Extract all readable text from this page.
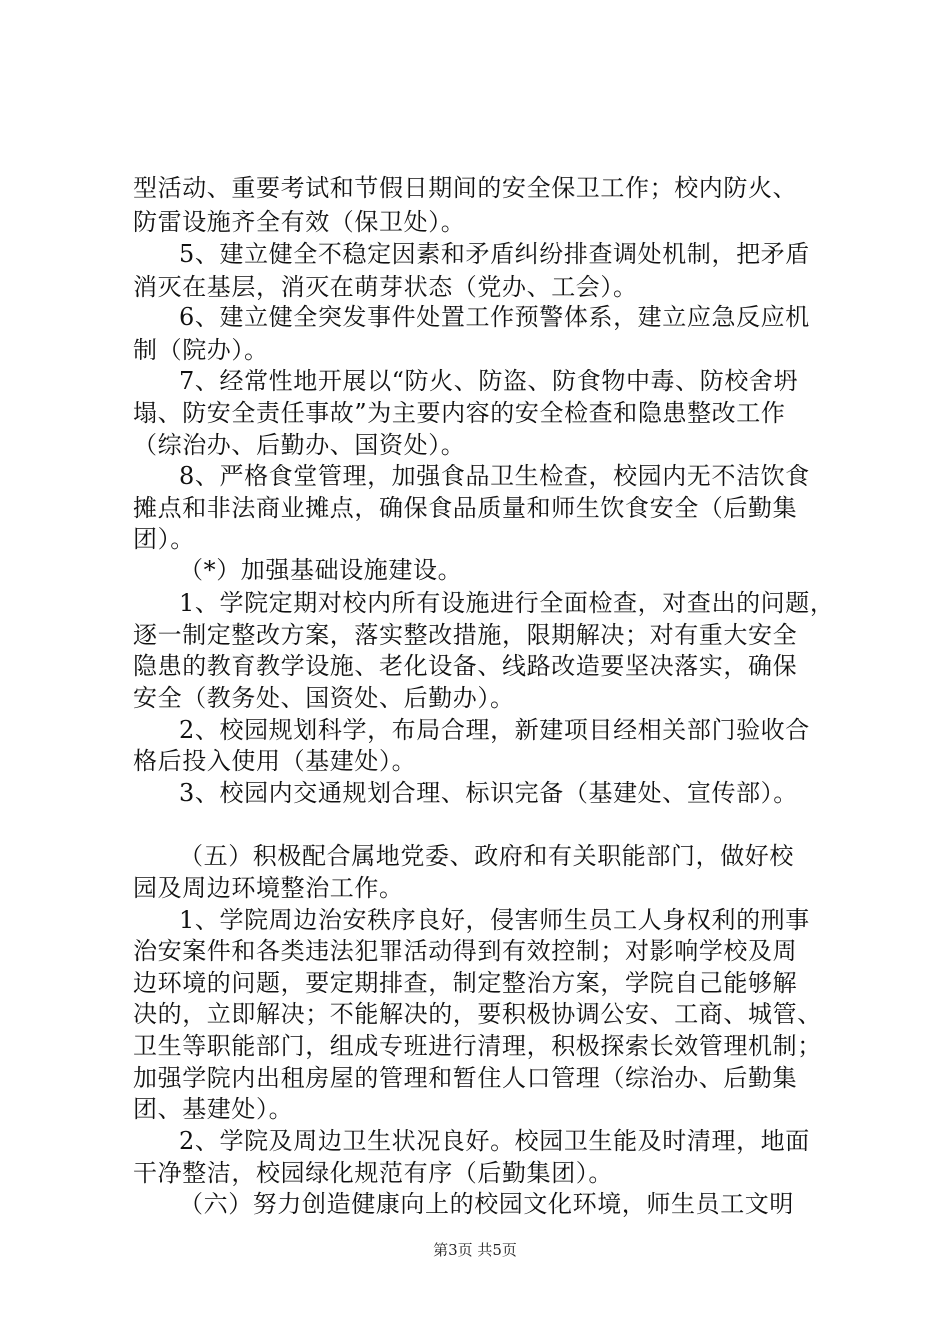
型活动、重要考试和节假日期间的安全保卫工作；校内防火、
防雷设施齐全有效（保卫处）。
5、建立健全不稳定因素和矛盾纠纷排查调处机制，把矛盾
消灭在基层，消灭在萌芽状态（党办、工会）。
6、建立健全突发事件处置工作预警体系，建立应急反应机
制（院办）。
7、经常性地开展以“防火、防盗、防食物中毒、防校舍坍
塌、防安全责任事故”为主要内容的安全检查和隐患整改工作
（综治办、后勤办、国资处）。
8、严格食堂管理，加强食品卫生检查，校园内无不洁饮食
摊点和非法商业摊点，确保食品质量和师生饮食安全（后勤集
团）。
（*）加强基础设施建设。
1、学院定期对校内所有设施进行全面检查，对查出的问题，
逐一制定整改方案，落实整改措施，限期解决；对有重大安全
隐患的教育教学设施、老化设备、线路改造要坚决落实，确保
安全（教务处、国资处、后勤办）。
2、校园规划科学，布局合理，新建项目经相关部门验收合
格后投入使用（基建处）。
3、校园内交通规划合理、标识完备（基建处、宣传部）。
（五）积极配合属地党委、政府和有关职能部门，做好校
园及周边环境整治工作。
1、学院周边治安秩序良好，侵害师生员工人身权利的刑事
治安案件和各类违法犯罪活动得到有效控制；对影响学校及周
边环境的问题，要定期排查，制定整治方案，学院自己能够解
决的，立即解决；不能解决的，要积极协调公安、工商、城管、
卫生等职能部门，组成专班进行清理，积极探索长效管理机制；
加强学院内出租房屋的管理和暂住人口管理（综治办、后勤集
团、基建处）。
2、学院及周边卫生状况良好。校园卫生能及时清理，地面
干净整洁，校园绿化规范有序（后勤集团）。
（六）努力创造健康向上的校园文化环境，师生员工文明
第3页 共5页
